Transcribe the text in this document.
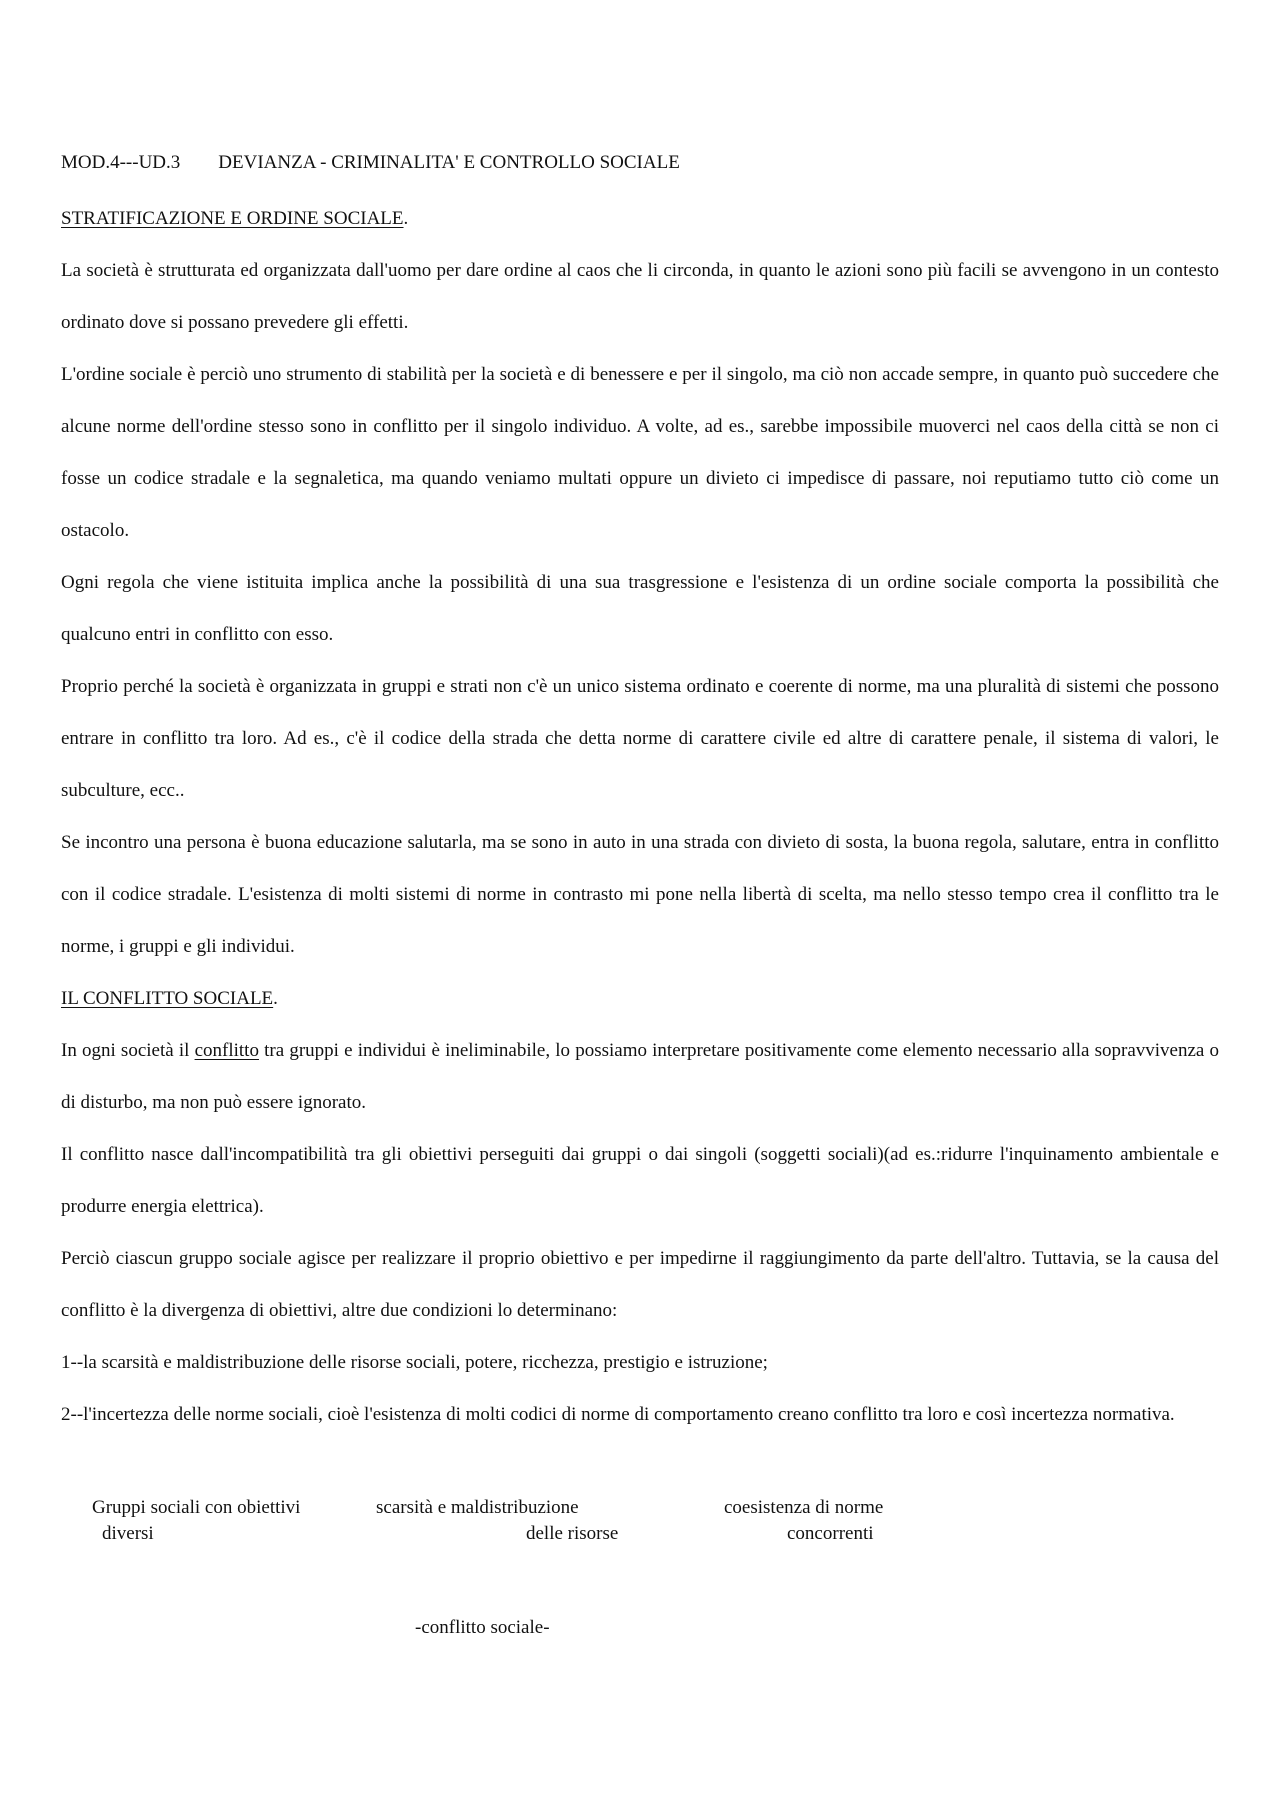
MOD.4---UD.3 DEVIANZA - CRIMINALITA' E CONTROLLO SOCIALE

STRATIFICAZIONE E ORDINE SOCIALE.

La società è strutturata ed organizzata dall'uomo per dare ordine al caos che li circonda, in quanto le azioni sono più facili se avvengono in un contesto ordinato dove si possano prevedere gli effetti.

L'ordine sociale è perciò uno strumento di stabilità per la società e di benessere e per il singolo, ma ciò non accade sempre, in quanto può succedere che alcune norme dell'ordine stesso sono in conflitto per il singolo individuo. A volte, ad es., sarebbe impossibile muoverci nel caos della città se non ci fosse un codice stradale e la segnaletica, ma quando veniamo multati oppure un divieto ci impedisce di passare, noi reputiamo tutto ciò come un ostacolo.

Ogni regola che viene istituita implica anche la possibilità di una sua trasgressione e l'esistenza di un ordine sociale comporta la possibilità che qualcuno entri in conflitto con esso.

Proprio perché la società è organizzata in gruppi e strati non c'è un unico sistema ordinato e coerente di norme, ma una pluralità di sistemi che possono entrare in conflitto tra loro. Ad es., c'è il codice della strada che detta norme di carattere civile ed altre di carattere penale, il sistema di valori, le subculture, ecc..

Se incontro una persona è buona educazione salutarla, ma se sono in auto in una strada con divieto di sosta, la buona regola, salutare, entra in conflitto con il codice stradale. L'esistenza di molti sistemi di norme in contrasto mi pone nella libertà di scelta, ma nello stesso tempo crea il conflitto tra le norme, i gruppi e gli individui.

IL CONFLITTO SOCIALE.

In ogni società il conflitto tra gruppi e individui è ineliminabile, lo possiamo interpretare positivamente come elemento necessario alla sopravvivenza o di disturbo, ma non può essere ignorato.

Il conflitto nasce dall'incompatibilità tra gli obiettivi perseguiti dai gruppi o dai singoli (soggetti sociali)(ad es.:ridurre l'inquinamento ambientale e produrre energia elettrica).

Perciò ciascun gruppo sociale agisce per realizzare il proprio obiettivo e per impedirne il raggiungimento da parte dell'altro. Tuttavia, se la causa del conflitto è la divergenza di obiettivi, altre due condizioni lo determinano:

1--la scarsità e maldistribuzione delle risorse sociali, potere, ricchezza, prestigio e istruzione;

2--l'incertezza delle norme sociali, cioè l'esistenza di molti codici di norme di comportamento creano conflitto tra loro e così incertezza normativa.

Gruppi sociali con obiettivi
diversi
scarsità e maldistribuzione
delle risorse
coesistenza di norme
concorrenti
-conflitto sociale-
